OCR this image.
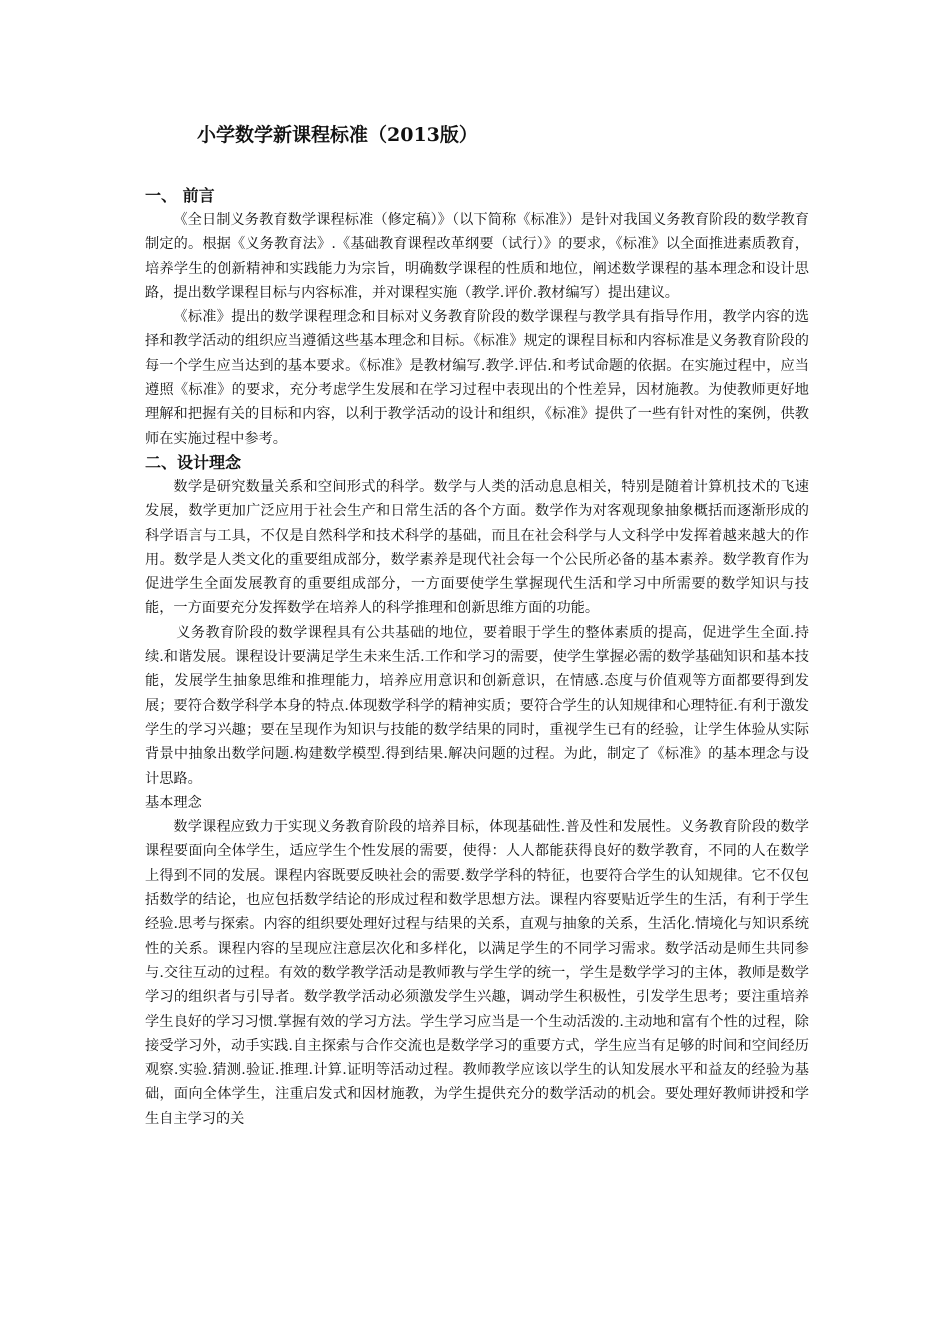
小学数学新课程标准（2013版）
一、 前言

《全日制义务教育数学课程标准（修定稿）》（以下简称《标准》）是针对我国义务教育阶段的数学教育制定的。根据《义务教育法》.《基础教育课程改革纲要（试行）》的要求，《标准》以全面推进素质教育，培养学生的创新精神和实践能力为宗旨，明确数学课程的性质和地位，阐述数学课程的基本理念和设计思路，提出数学课程目标与内容标准，并对课程实施（教学.评价.教材编写）提出建议。

《标准》提出的数学课程理念和目标对义务教育阶段的数学课程与教学具有指导作用，教学内容的选择和教学活动的组织应当遵循这些基本理念和目标。《标准》规定的课程目标和内容标准是义务教育阶段的每一个学生应当达到的基本要求。《标准》是教材编写.教学.评估.和考试命题的依据。在实施过程中，应当遵照《标准》的要求，充分考虑学生发展和在学习过程中表现出的个性差异，因材施教。为使教师更好地理解和把握有关的目标和内容，以利于教学活动的设计和组织，《标准》提供了一些有针对性的案例，供教师在实施过程中参考。

二、设计理念

数学是研究数量关系和空间形式的科学。数学与人类的活动息息相关，特别是随着计算机技术的飞速发展，数学更加广泛应用于社会生产和日常生活的各个方面。数学作为对客观现象抽象概括而逐渐形成的科学语言与工具，不仅是自然科学和技术科学的基础，而且在社会科学与人文科学中发挥着越来越大的作用。数学是人类文化的重要组成部分，数学素养是现代社会每一个公民所必备的基本素养。数学教育作为促进学生全面发展教育的重要组成部分，一方面要使学生掌握现代生活和学习中所需要的数学知识与技能，一方面要充分发挥数学在培养人的科学推理和创新思维方面的功能。

义务教育阶段的数学课程具有公共基础的地位，要着眼于学生的整体素质的提高，促进学生全面.持续.和谐发展。课程设计要满足学生未来生活.工作和学习的需要，使学生掌握必需的数学基础知识和基本技能，发展学生抽象思维和推理能力，培养应用意识和创新意识，在情感.态度与价值观等方面都要得到发展；要符合数学科学本身的特点.体现数学科学的精神实质；要符合学生的认知规律和心理特征.有利于激发学生的学习兴趣；要在呈现作为知识与技能的数学结果的同时，重视学生已有的经验，让学生体验从实际背景中抽象出数学问题.构建数学模型.得到结果.解决问题的过程。为此，制定了《标准》的基本理念与设计思路。

基本理念

数学课程应致力于实现义务教育阶段的培养目标，体现基础性.普及性和发展性。义务教育阶段的数学课程要面向全体学生，适应学生个性发展的需要，使得：人人都能获得良好的数学教育，不同的人在数学上得到不同的发展。课程内容既要反映社会的需要.数学学科的特征，也要符合学生的认知规律。它不仅包括数学的结论，也应包括数学结论的形成过程和数学思想方法。课程内容要贴近学生的生活，有利于学生经验.思考与探索。内容的组织要处理好过程与结果的关系，直观与抽象的关系，生活化.情境化与知识系统性的关系。课程内容的呈现应注意层次化和多样化，以满足学生的不同学习需求。数学活动是师生共同参与.交往互动的过程。有效的数学教学活动是教师教与学生学的统一，学生是数学学习的主体，教师是数学学习的组织者与引导者。数学教学活动必须激发学生兴趣，调动学生积极性，引发学生思考；要注重培养学生良好的学习习惯.掌握有效的学习方法。学生学习应当是一个生动活泼的.主动地和富有个性的过程，除接受学习外，动手实践.自主探索与合作交流也是数学学习的重要方式，学生应当有足够的时间和空间经历观察.实验.猜测.验证.推理.计算.证明等活动过程。教师教学应该以学生的认知发展水平和益友的经验为基础，面向全体学生，注重启发式和因材施教，为学生提供充分的数学活动的机会。要处理好教师讲授和学生自主学习的关
